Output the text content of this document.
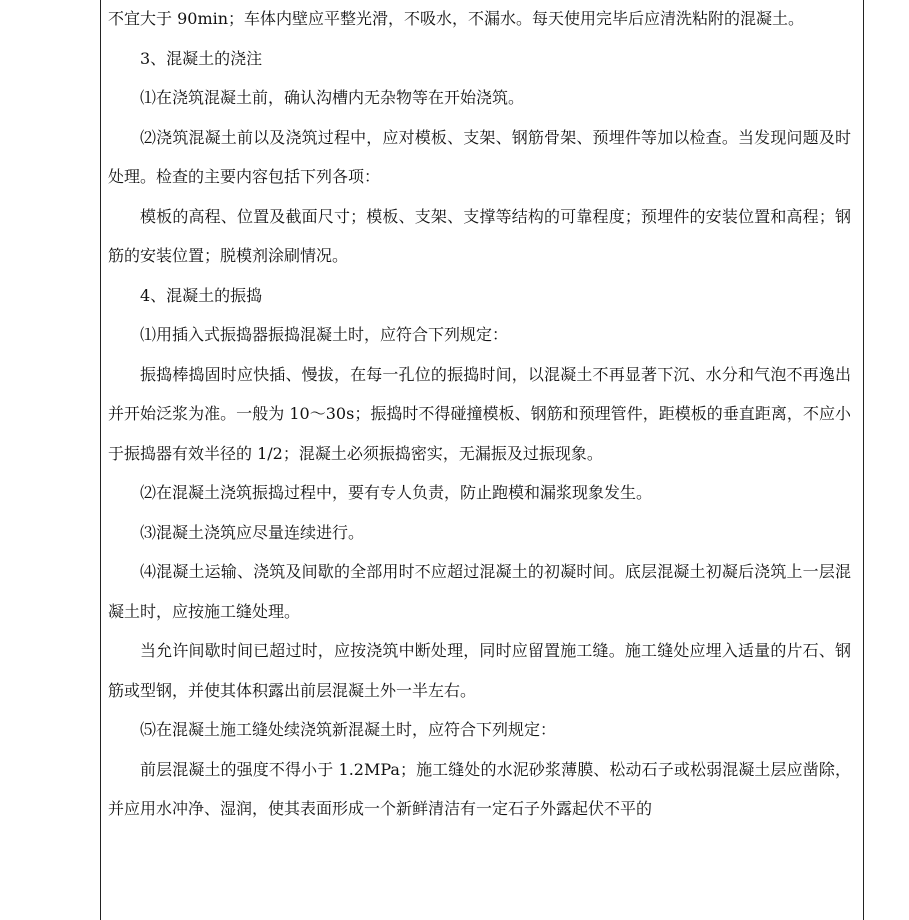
不宜大于 90min；车体内壁应平整光滑，不吸水，不漏水。每天使用完毕后应清洗粘附的混凝土。

3、混凝土的浇注

⑴在浇筑混凝土前，确认沟槽内无杂物等在开始浇筑。

⑵浇筑混凝土前以及浇筑过程中，应对模板、支架、钢筋骨架、预埋件等加以检查。当发现问题及时处理。检查的主要内容包括下列各项：

模板的高程、位置及截面尺寸；模板、支架、支撑等结构的可靠程度；预埋件的安装位置和高程；钢筋的安装位置；脱模剂涂刷情况。

4、混凝土的振捣

⑴用插入式振捣器振捣混凝土时，应符合下列规定：

振捣棒捣固时应快插、慢拔，在每一孔位的振捣时间，以混凝土不再显著下沉、水分和气泡不再逸出并开始泛浆为准。一般为 10～30s；振捣时不得碰撞模板、钢筋和预理管件，距模板的垂直距离，不应小于振捣器有效半径的 1/2；混凝土必须振捣密实，无漏振及过振现象。

⑵在混凝土浇筑振捣过程中，要有专人负责，防止跑模和漏浆现象发生。

⑶混凝土浇筑应尽量连续进行。

⑷混凝土运输、浇筑及间歇的全部用时不应超过混凝土的初凝时间。底层混凝土初凝后浇筑上一层混凝土时，应按施工缝处理。

当允许间歇时间已超过时，应按浇筑中断处理，同时应留置施工缝。施工缝处应埋入适量的片石、钢筋或型钢，并使其体积露出前层混凝土外一半左右。

⑸在混凝土施工缝处续浇筑新混凝土时，应符合下列规定：

前层混凝土的强度不得小于 1.2MPa；施工缝处的水泥砂浆薄膜、松动石子或松弱混凝土层应凿除，并应用水冲净、湿润，使其表面形成一个新鲜清洁有一定石子外露起伏不平的
